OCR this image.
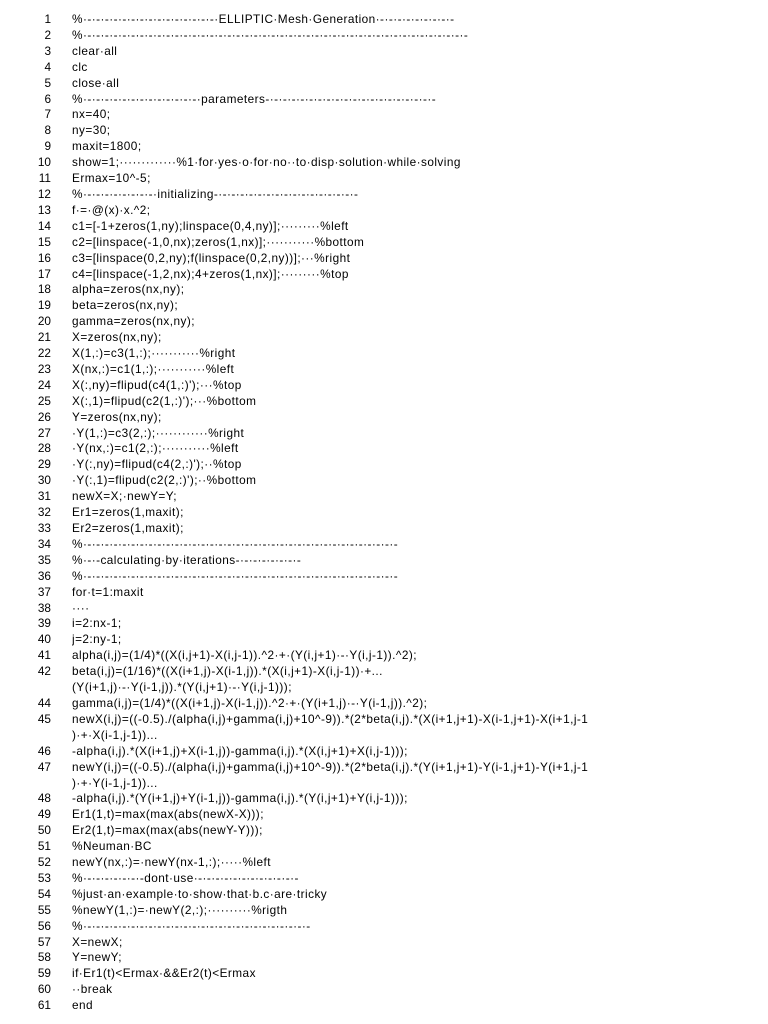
1	%·-·-·-·-·-·-·-·-·-·-·-·-·-·-·-·ELLIPTIC·Mesh·Generation·-·-·-·-·-·-·-·-·-
2	%·-·-·-·-·-·-·-·-·-·-·-·-·-·-·-·-·-·-·-·-·-·-·-·-·-·-·-·-·-·-·-·-·-·-·-·-·-·-·-·-·-·-·-·-
3	clear·all
4	clc
5	close·all
6	%·-·-·-·-·-·-·-·-·-·-·-·-·-·parameters-·-·-·-·-·-·-·-·-·-·-·-·-·-·-·-·-·-·-·-
7	nx=40;
8	ny=30;
9	maxit=1800;
10	show=1;·············%1·for·yes·o·for·no··to·disp·solution·while·solving
11	Ermax=10^-5;
12	%·-·-·-·-·-·-·-·-·initializing-·-·-·-·-·-·-·-·-·-·-·-·-·-·-·-·-
13	f·=·@(x)·x.^2;
14	c1=[-1+zeros(1,ny);linspace(0,4,ny)];·········%left
15	c2=[linspace(-1,0,nx);zeros(1,nx)];···········%bottom
16	c3=[linspace(0,2,ny);f(linspace(0,2,ny))];···%right
17	c4=[linspace(-1,2,nx);4+zeros(1,nx)];·········%top
18	alpha=zeros(nx,ny);
19	beta=zeros(nx,ny);
20	gamma=zeros(nx,ny);
21	X=zeros(nx,ny);
22	X(1,:)=c3(1,:);···········%right
23	X(nx,:)=c1(1,:);···········%left
24	X(:,ny)=flipud(c4(1,:)');···%top
25	X(:,1)=flipud(c2(1,:)');···%bottom
26	Y=zeros(nx,ny);
27	·Y(1,:)=c3(2,:);············%right
28	·Y(nx,:)=c1(2,:);···········%left
29	·Y(:,ny)=flipud(c4(2,:)');··%top
30	·Y(:,1)=flipud(c2(2,:)');··%bottom
31	newX=X;·newY=Y;
32	Er1=zeros(1,maxit);
33	Er2=zeros(1,maxit);
34	%·-·-·-·-·-·-·-·-·-·-·-·-·-·-·-·-·-·-·-·-·-·-·-·-·-·-·-·-·-·-·-·-·-·-·-·-
35	%·-·-calculating·by·iterations-·-·-·-·-·-·-·-
36	%·-·-·-·-·-·-·-·-·-·-·-·-·-·-·-·-·-·-·-·-·-·-·-·-·-·-·-·-·-·-·-·-·-·-·-·-
37	for·t=1:maxit
38	····
39	i=2:nx-1;
40	j=2:ny-1;
41	alpha(i,j)=(1/4)*((X(i,j+1)-X(i,j-1)).^2·+·(Y(i,j+1)·-·Y(i,j-1)).^2);
42	beta(i,j)=(1/16)*((X(i+1,j)-X(i-1,j)).*(X(i,j+1)-X(i,j-1))·+...
(Y(i+1,j)·-·Y(i-1,j)).*(Y(i,j+1)·-·Y(i,j-1)));
44	gamma(i,j)=(1/4)*((X(i+1,j)-X(i-1,j)).^2·+·(Y(i+1,j)·-·Y(i-1,j)).^2);
45	newX(i,j)=((-0.5)./(alpha(i,j)+gamma(i,j)+10^-9)).*(2*beta(i,j).*(X(i+1,j+1)-X(i-1,j+1)-X(i+1,j-1
)·+·X(i-1,j-1))...
46	-alpha(i,j).*(X(i+1,j)+X(i-1,j))-gamma(i,j).*(X(i,j+1)+X(i,j-1)));
47	newY(i,j)=((-0.5)./(alpha(i,j)+gamma(i,j)+10^-9)).*(2*beta(i,j).*(Y(i+1,j+1)-Y(i-1,j+1)-Y(i+1,j-1
)·+·Y(i-1,j-1))...
48	-alpha(i,j).*(Y(i+1,j)+Y(i-1,j))-gamma(i,j).*(Y(i,j+1)+Y(i,j-1)));
49	Er1(1,t)=max(max(abs(newX-X)));
50	Er2(1,t)=max(max(abs(newY-Y)));
51	%Neuman·BC
52	newY(nx,:)=·newY(nx-1,:);·····%left
53	%·-·-·-·-·-·-·-dont·use·-·-·-·-·-·-·-·-·-·-·-·-
54	%just·an·example·to·show·that·b.c·are·tricky
55	%newY(1,:)=·newY(2,:);··········%rigth
56	%·-·-·-·-·-·-·-·-·-·-·-·-·-·-·-·-·-·-·-·-·-·-·-·-·-·-
57	X=newX;
58	Y=newY;
59	if·Er1(t)<Ermax·&&Er2(t)<Ermax
60	··break
61	end
